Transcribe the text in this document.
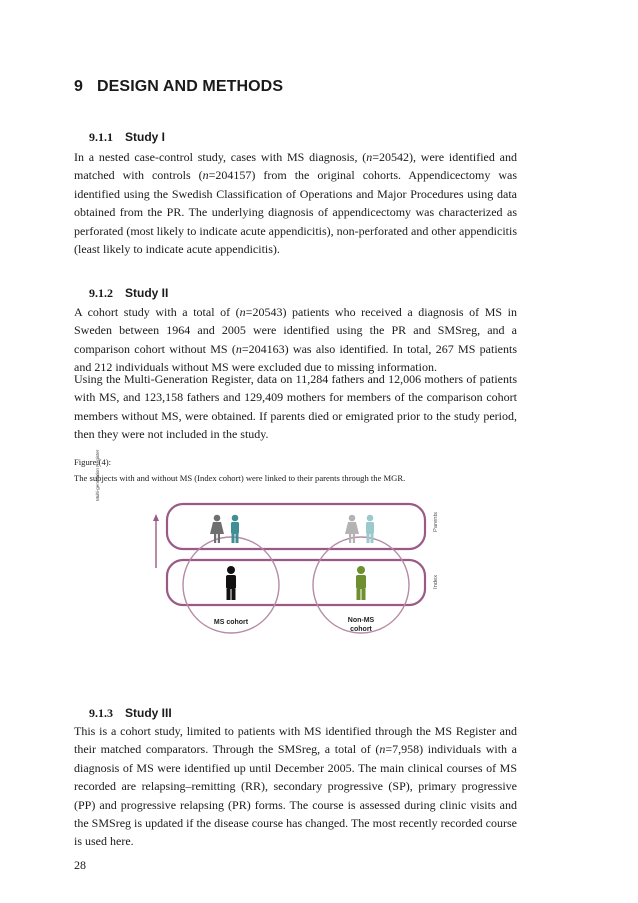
9 DESIGN AND METHODS
9.1.1 Study I

In a nested case-control study, cases with MS diagnosis, (n=20542), were identified and matched with controls (n=204157) from the original cohorts. Appendicectomy was identified using the Swedish Classification of Operations and Major Procedures using data obtained from the PR. The underlying diagnosis of appendicectomy was characterized as perforated (most likely to indicate acute appendicitis), non-perforated and other appendicitis (least likely to indicate acute appendicitis).

9.1.2 Study II

A cohort study with a total of (n=20543) patients who received a diagnosis of MS in Sweden between 1964 and 2005 were identified using the PR and SMSreg, and a comparison cohort without MS (n=204163) was also identified. In total, 267 MS patients and 212 individuals without MS were excluded due to missing information.

Using the Multi-Generation Register, data on 11,284 fathers and 12,006 mothers of patients with MS, and 123,158 fathers and 129,409 mothers for members of the comparison cohort members without MS, were obtained. If parents died or emigrated prior to the study period, then they were not included in the study.

Figure (4):

The subjects with and without MS (Index cohort) were linked to their parents through the MGR.

Multi-generation Register
Parents
Index
MS cohort	Non-MS
cohort
9.1.3 Study III

This is a cohort study, limited to patients with MS identified through the MS Register and their matched comparators. Through the SMSreg, a total of (n=7,958) individuals with a diagnosis of MS were identified up until December 2005. The main clinical courses of MS recorded are relapsing–remitting (RR), secondary progressive (SP), primary progressive (PP) and progressive relapsing (PR) forms. The course is assessed during clinic visits and the SMSreg is updated if the disease course has changed. The most recently recorded course is used here.

28
